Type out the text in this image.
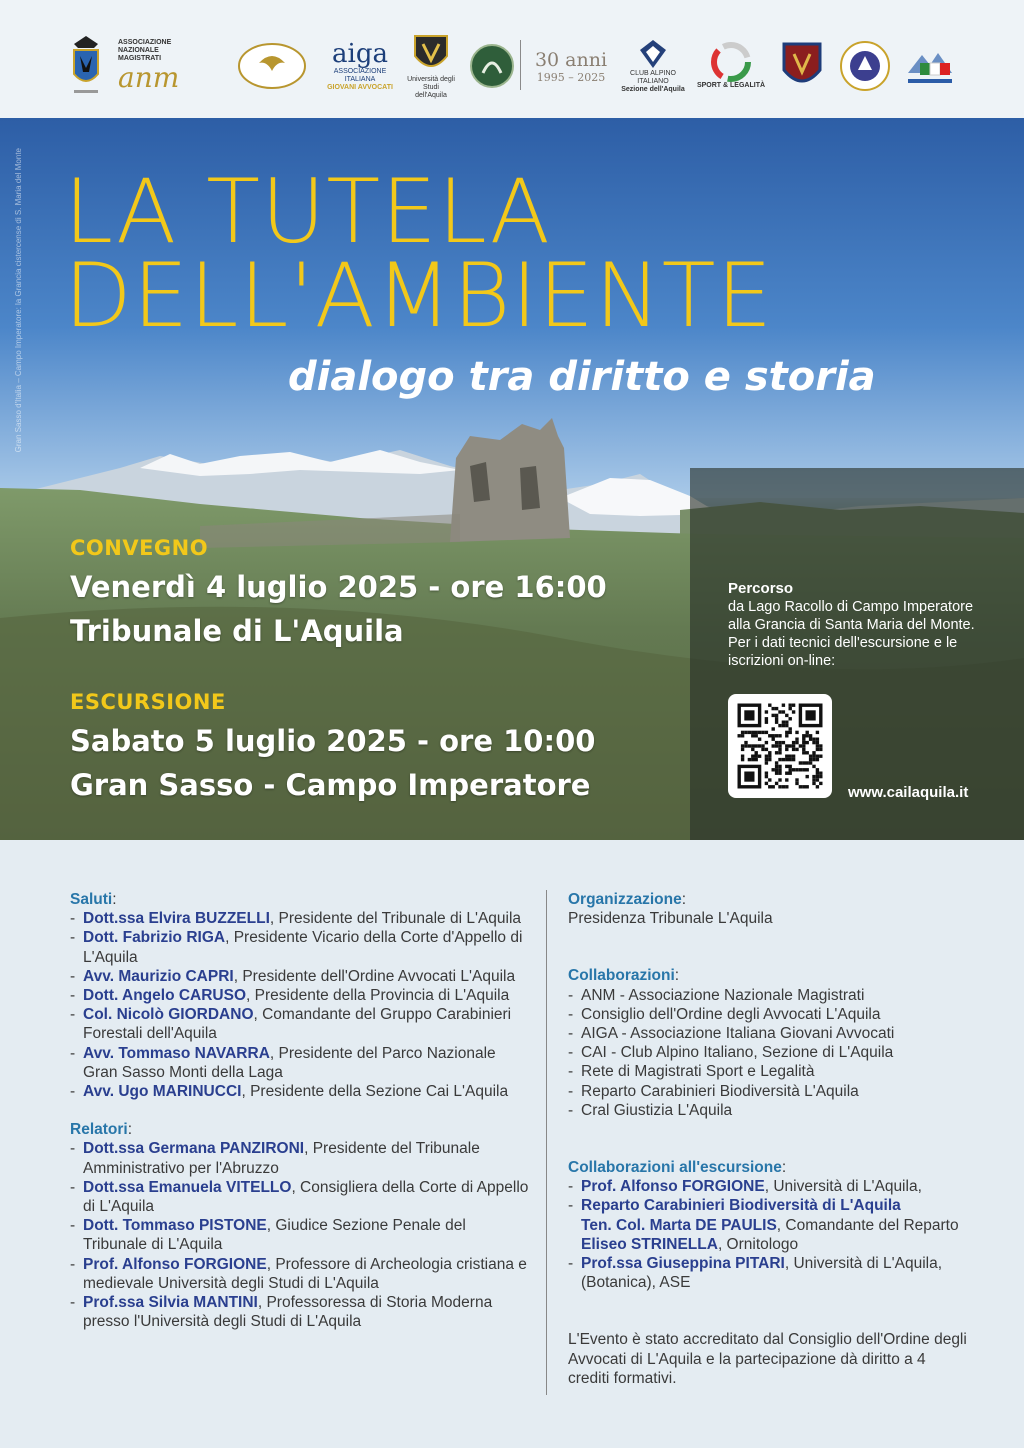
ASSOCIAZIONE
NAZIONALE
MAGISTRATI
anm
aiga
ASSOCIAZIONE ITALIANA
GIOVANI AVVOCATI
Università degli Studi
dell'Aquila
30 anni
1995 – 2025	CLUB ALPINO ITALIANO
Sezione dell'Aquila
SPORT & LEGALITÀ
Gran Sasso d'Italia – Campo Imperatore: la Grancia cistercense di S. Maria del Monte LA TUTELA
DELL'AMBIENTE
dialogo tra diritto e storia
CONVEGNO
Venerdì 4 luglio 2025 - ore 16:00
Tribunale di L'Aquila
ESCURSIONE
Sabato 5 luglio 2025 - ore 10:00
Gran Sasso - Campo Imperatore
Percorso
da Lago Racollo di Campo Imperatore alla Grancia di Santa Maria del Monte. Per i dati tecnici dell'escursione e le iscrizioni on-line:
www.cailaquila.it
Saluti:
- Dott.ssa Elvira BUZZELLI, Presidente del Tribunale di L'Aquila
- Dott. Fabrizio RIGA, Presidente Vicario della Corte d'Appello di L'Aquila
- Avv. Maurizio CAPRI, Presidente dell'Ordine Avvocati L'Aquila
- Dott. Angelo CARUSO, Presidente della Provincia di L'Aquila
- Col. Nicolò GIORDANO, Comandante del Gruppo Carabinieri Forestali dell'Aquila
- Avv. Tommaso NAVARRA, Presidente del Parco Nazionale Gran Sasso Monti della Laga
- Avv. Ugo MARINUCCI, Presidente della Sezione Cai L'Aquila
Relatori:
- Dott.ssa Germana PANZIRONI, Presidente del Tribunale Amministrativo per l'Abruzzo
- Dott.ssa Emanuela VITELLO, Consigliera della Corte di Appello di L'Aquila
- Dott. Tommaso PISTONE, Giudice Sezione Penale del Tribunale di L'Aquila
- Prof. Alfonso FORGIONE, Professore di Archeologia cristiana e medievale Università degli Studi di L'Aquila
- Prof.ssa Silvia MANTINI, Professoressa di Storia Moderna presso l'Università degli Studi di L'Aquila
Organizzazione:
Presidenza Tribunale L'Aquila
Collaborazioni:
- ANM - Associazione Nazionale Magistrati
- Consiglio dell'Ordine degli Avvocati L'Aquila
- AIGA - Associazione Italiana Giovani Avvocati
- CAI - Club Alpino Italiano, Sezione di L'Aquila
- Rete di Magistrati Sport e Legalità
- Reparto Carabinieri Biodiversità L'Aquila
- Cral Giustizia L'Aquila
Collaborazioni all'escursione:
- Prof. Alfonso FORGIONE, Università di L'Aquila,
- Reparto Carabinieri Biodiversità di L'Aquila
Ten. Col. Marta DE PAULIS, Comandante del Reparto
Eliseo STRINELLA, Ornitologo
- Prof.ssa Giuseppina PITARI, Università di L'Aquila, (Botanica), ASE
L'Evento è stato accreditato dal Consiglio dell'Ordine degli Avvocati di L'Aquila e la partecipazione dà diritto a 4 crediti formativi.
